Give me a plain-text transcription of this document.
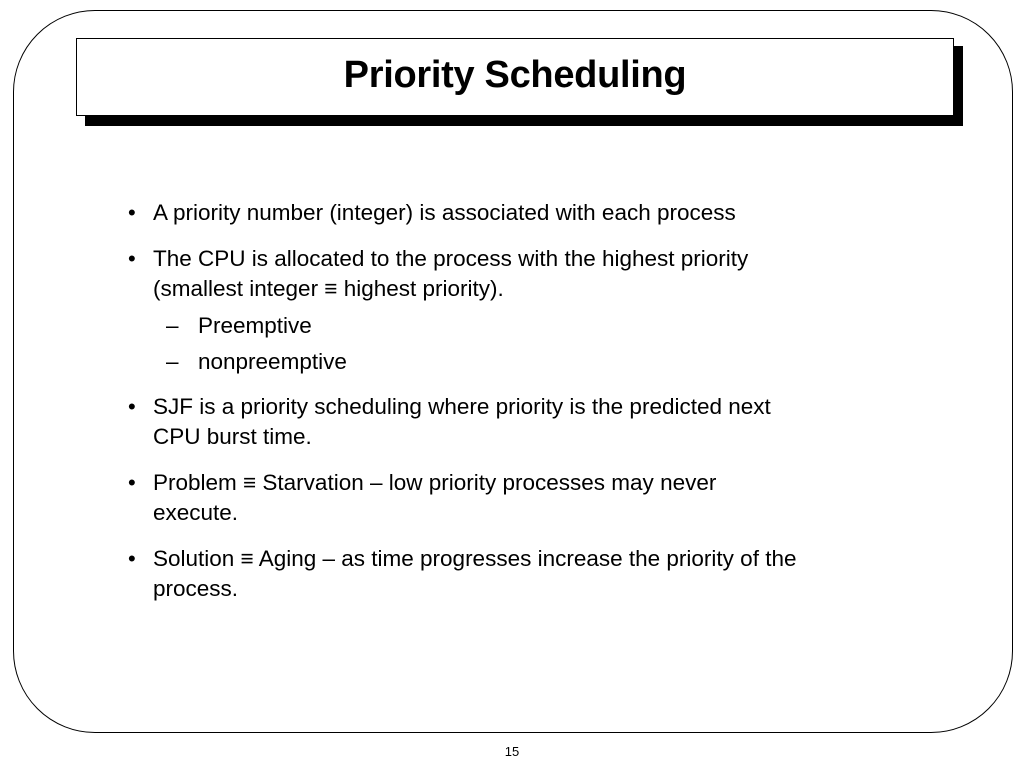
Priority Scheduling
• A priority number (integer) is associated with each process
• The CPU is allocated to the process with the highest priority
(smallest integer ≡ highest priority).
– Preemptive
– nonpreemptive
• SJF is a priority scheduling where priority is the predicted next
CPU burst time.
• Problem ≡ Starvation – low priority processes may never
execute.
• Solution ≡ Aging – as time progresses increase the priority of the
process.
15
